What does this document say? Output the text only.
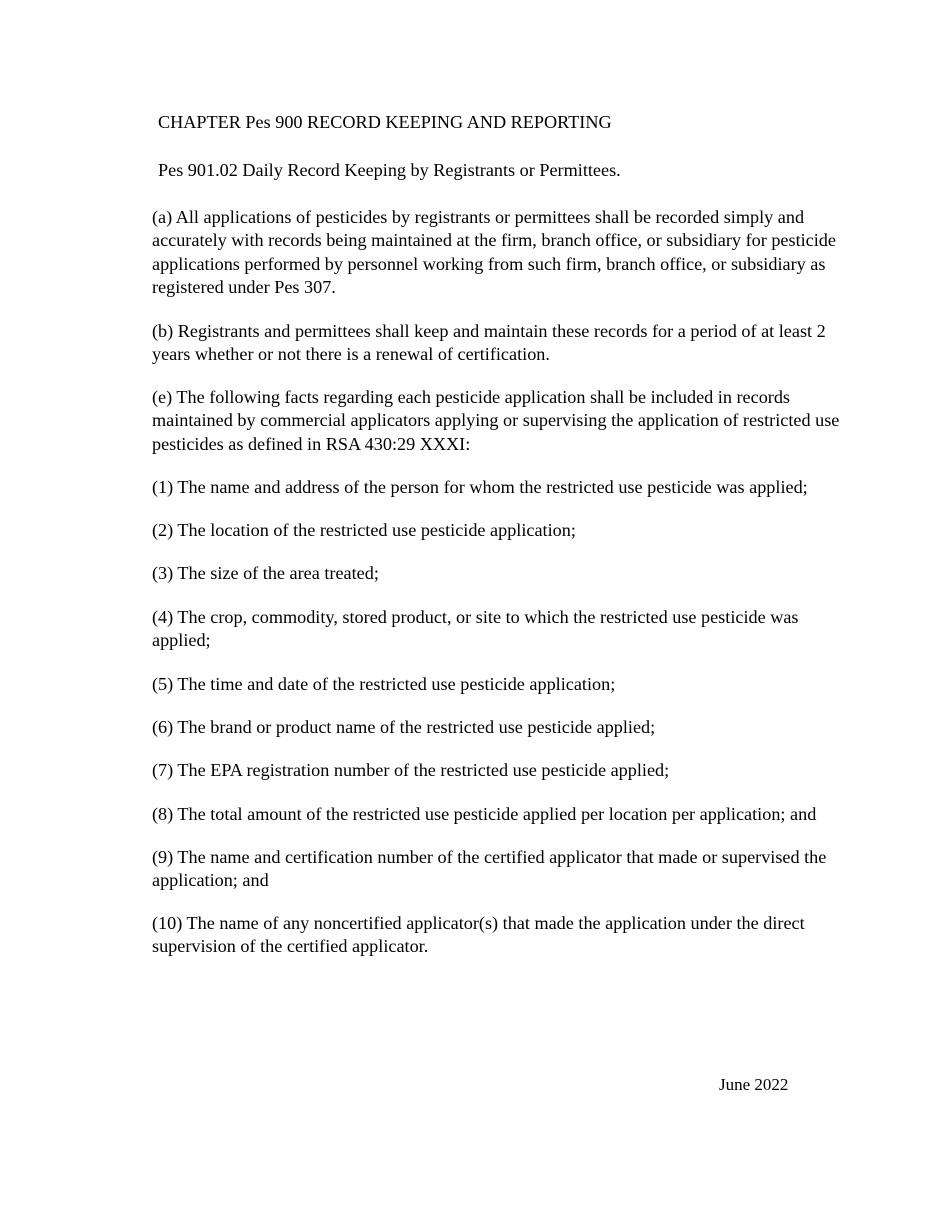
CHAPTER Pes 900 RECORD KEEPING AND REPORTING
Pes 901.02 Daily Record Keeping by Registrants or Permittees.
(a) All applications of pesticides by registrants or permittees shall be recorded simply and accurately with records being maintained at the firm, branch office, or subsidiary for pesticide applications performed by personnel working from such firm, branch office, or subsidiary as registered under Pes 307.
(b) Registrants and permittees shall keep and maintain these records for a period of at least 2 years whether or not there is a renewal of certification.
(e) The following facts regarding each pesticide application shall be included in records maintained by commercial applicators applying or supervising the application of restricted use pesticides as defined in RSA 430:29 XXXI:
(1) The name and address of the person for whom the restricted use pesticide was applied;
(2) The location of the restricted use pesticide application;
(3) The size of the area treated;
(4) The crop, commodity, stored product, or site to which the restricted use pesticide was applied;
(5) The time and date of the restricted use pesticide application;
(6) The brand or product name of the restricted use pesticide applied;
(7) The EPA registration number of the restricted use pesticide applied;
(8) The total amount of the restricted use pesticide applied per location per application; and
(9) The name and certification number of the certified applicator that made or supervised the application; and
(10) The name of any noncertified applicator(s) that made the application under the direct supervision of the certified applicator.
June 2022
